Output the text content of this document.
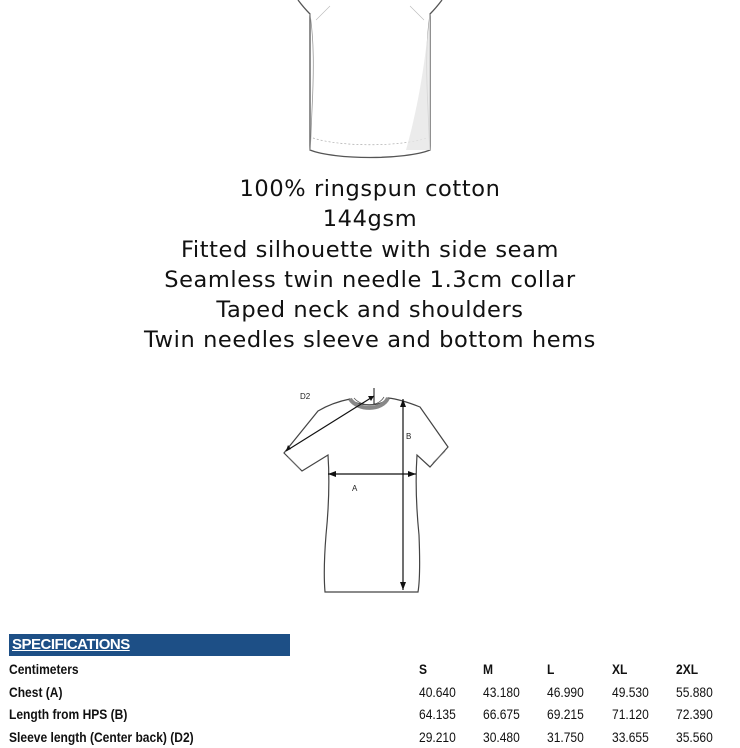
100% ringspun cotton
144gsm
Fitted silhouette with side seam
Seamless twin needle 1.3cm collar
Taped neck and shoulders
Twin needles sleeve and bottom hems
D2
B
A
SPECIFICATIONS
Centimeters	S	M	L	XL	2XL
Chest (A)	40.640	43.180	46.990	49.530	55.880
Length from HPS (B)	64.135	66.675	69.215	71.120	72.390
Sleeve length (Center back) (D2)	29.210	30.480	31.750	33.655	35.560
